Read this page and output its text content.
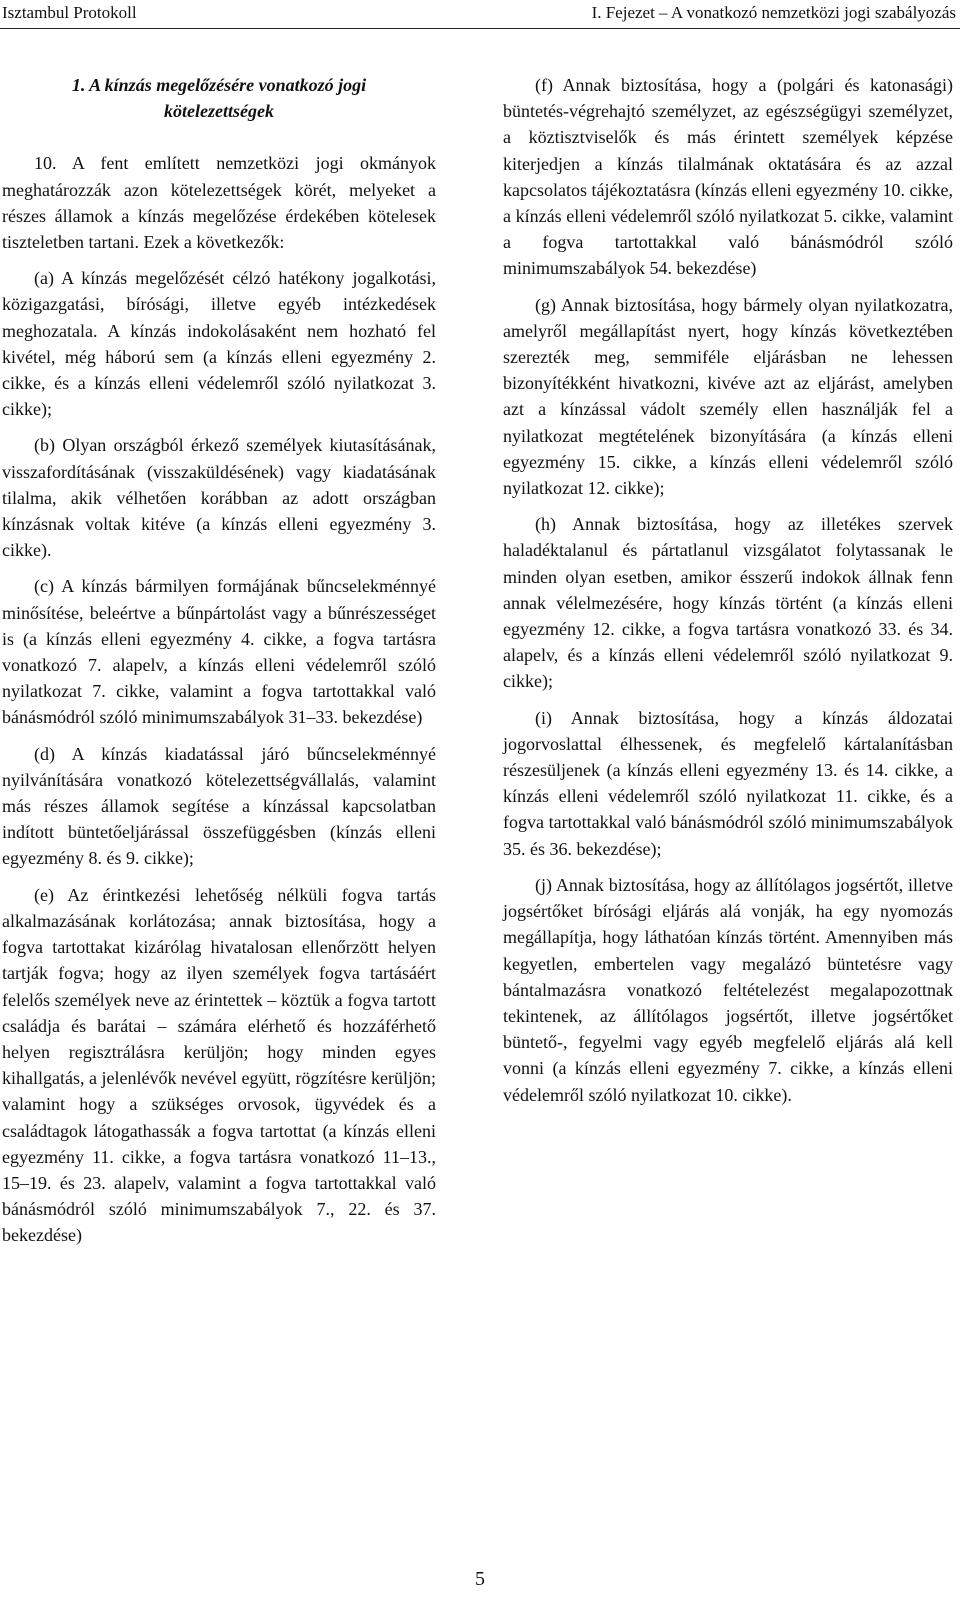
Isztambul Protokoll	I. Fejezet – A vonatkozó nemzetközi jogi szabályozás
1. A kínzás megelőzésére vonatkozó jogi kötelezettségek

10. A fent említett nemzetközi jogi okmányok meghatározzák azon kötelezettségek körét, melyeket a részes államok a kínzás megelőzése érdekében kötelesek tiszteletben tartani. Ezek a következők:

(a) A kínzás megelőzését célzó hatékony jogalkotási, közigazgatási, bírósági, illetve egyéb intézkedések meghozatala. A kínzás indokolásaként nem hozható fel kivétel, még háború sem (a kínzás elleni egyezmény 2. cikke, és a kínzás elleni védelemről szóló nyilatkozat 3. cikke);

(b) Olyan országból érkező személyek kiutasításának, visszafordításának (visszaküldésének) vagy kiadatásának tilalma, akik vélhetően korábban az adott országban kínzásnak voltak kitéve (a kínzás elleni egyezmény 3. cikke).

(c) A kínzás bármilyen formájának bűncselekménnyé minősítése, beleértve a bűnpártolást vagy a bűnrészességet is (a kínzás elleni egyezmény 4. cikke, a fogva tartásra vonatkozó 7. alapelv, a kínzás elleni védelemről szóló nyilatkozat 7. cikke, valamint a fogva tartottakkal való bánásmódról szóló minimumszabályok 31–33. bekezdése)

(d) A kínzás kiadatással járó bűncselekménnyé nyilvánítására vonatkozó kötelezettségvállalás, valamint más részes államok segítése a kínzással kapcsolatban indított büntetőeljárással összefüggésben (kínzás elleni egyezmény 8. és 9. cikke);

(e) Az érintkezési lehetőség nélküli fogva tartás alkalmazásának korlátozása; annak biztosítása, hogy a fogva tartottakat kizárólag hivatalosan ellenőrzött helyen tartják fogva; hogy az ilyen személyek fogva tartásáért felelős személyek neve az érintettek – köztük a fogva tartott családja és barátai – számára elérhető és hozzáférhető helyen regisztrálásra kerüljön; hogy minden egyes kihallgatás, a jelenlévők nevével együtt, rögzítésre kerüljön; valamint hogy a szükséges orvosok, ügyvédek és a családtagok látogathassák a fogva tartottat (a kínzás elleni egyezmény 11. cikke, a fogva tartásra vonatkozó 11–13., 15–19. és 23. alapelv, valamint a fogva tartottakkal való bánásmódról szóló minimumszabályok 7., 22. és 37. bekezdése)

(f) Annak biztosítása, hogy a (polgári és katonasági) büntetés-végrehajtó személyzet, az egészségügyi személyzet, a köztisztviselők és más érintett személyek képzése kiterjedjen a kínzás tilalmának oktatására és az azzal kapcsolatos tájékoztatásra (kínzás elleni egyezmény 10. cikke, a kínzás elleni védelemről szóló nyilatkozat 5. cikke, valamint a fogva tartottakkal való bánásmódról szóló minimumszabályok 54. bekezdése)

(g) Annak biztosítása, hogy bármely olyan nyilatkozatra, amelyről megállapítást nyert, hogy kínzás következtében szerezték meg, semmiféle eljárásban ne lehessen bizonyítékként hivatkozni, kivéve azt az eljárást, amelyben azt a kínzással vádolt személy ellen használják fel a nyilatkozat megtételének bizonyítására (a kínzás elleni egyezmény 15. cikke, a kínzás elleni védelemről szóló nyilatkozat 12. cikke);

(h) Annak biztosítása, hogy az illetékes szervek haladéktalanul és pártatlanul vizsgálatot folytassanak le minden olyan esetben, amikor ésszerű indokok állnak fenn annak vélelmezésére, hogy kínzás történt (a kínzás elleni egyezmény 12. cikke, a fogva tartásra vonatkozó 33. és 34. alapelv, és a kínzás elleni védelemről szóló nyilatkozat 9. cikke);

(i) Annak biztosítása, hogy a kínzás áldozatai jogorvoslattal élhessenek, és megfelelő kártalanításban részesüljenek (a kínzás elleni egyezmény 13. és 14. cikke, a kínzás elleni védelemről szóló nyilatkozat 11. cikke, és a fogva tartottakkal való bánásmódról szóló minimumszabályok 35. és 36. bekezdése);

(j) Annak biztosítása, hogy az állítólagos jogsértőt, illetve jogsértőket bírósági eljárás alá vonják, ha egy nyomozás megállapítja, hogy láthatóan kínzás történt. Amennyiben más kegyetlen, embertelen vagy megalázó büntetésre vagy bántalmazásra vonatkozó feltételezést megalapozottnak tekintenek, az állítólagos jogsértőt, illetve jogsértőket büntető-, fegyelmi vagy egyéb megfelelő eljárás alá kell vonni (a kínzás elleni egyezmény 7. cikke, a kínzás elleni védelemről szóló nyilatkozat 10. cikke).

5
